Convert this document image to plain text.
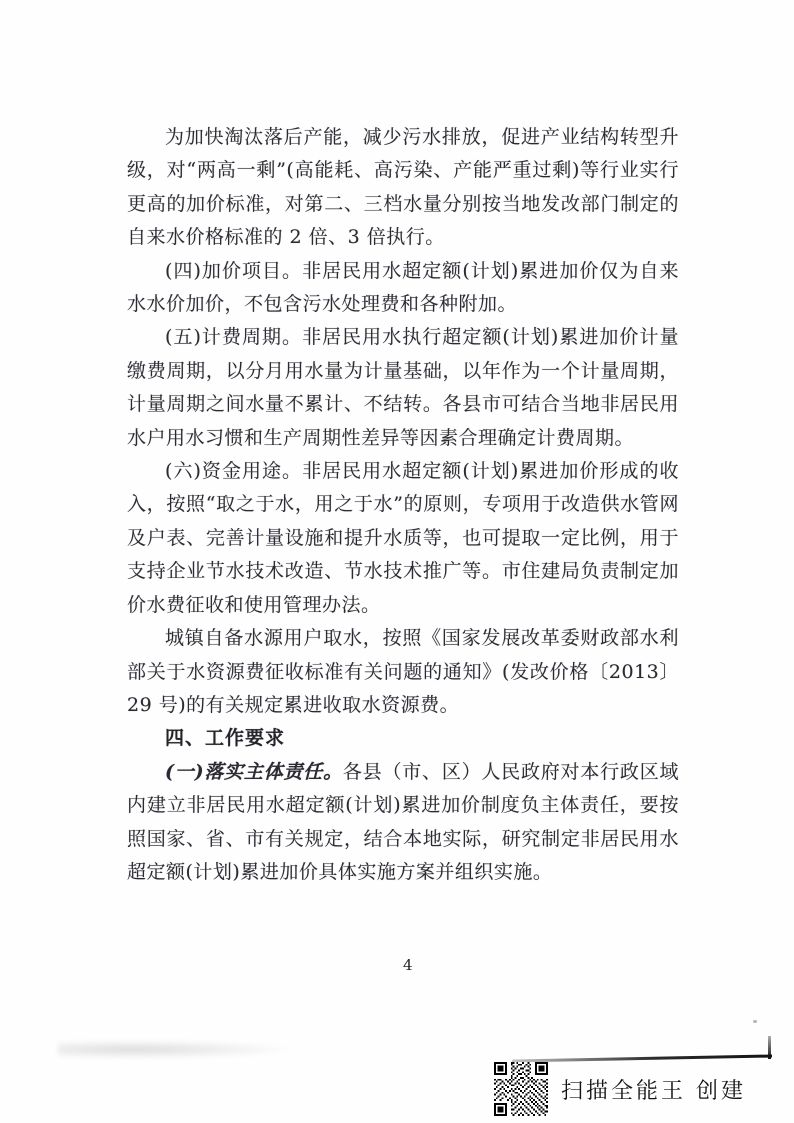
为加快淘汰落后产能，减少污水排放，促进产业结构转型升级，对“两高一剩”(高能耗、高污染、产能严重过剩)等行业实行更高的加价标准，对第二、三档水量分别按当地发改部门制定的自来水价格标准的 2 倍、3 倍执行。

(四)加价项目。非居民用水超定额(计划)累进加价仅为自来水水价加价，不包含污水处理费和各种附加。

(五)计费周期。非居民用水执行超定额(计划)累进加价计量缴费周期，以分月用水量为计量基础，以年作为一个计量周期，计量周期之间水量不累计、不结转。各县市可结合当地非居民用水户用水习惯和生产周期性差异等因素合理确定计费周期。

(六)资金用途。非居民用水超定额(计划)累进加价形成的收入，按照“取之于水，用之于水”的原则，专项用于改造供水管网及户表、完善计量设施和提升水质等，也可提取一定比例，用于支持企业节水技术改造、节水技术推广等。市住建局负责制定加价水费征收和使用管理办法。

城镇自备水源用户取水，按照《国家发展改革委财政部水利部关于水资源费征收标准有关问题的通知》(发改价格〔2013〕29 号)的有关规定累进收取水资源费。

四、工作要求

(一)落实主体责任。各县（市、区）人民政府对本行政区域内建立非居民用水超定额(计划)累进加价制度负主体责任，要按照国家、省、市有关规定，结合本地实际，研究制定非居民用水超定额(计划)累进加价具体实施方案并组织实施。

4
扫描全能王 创建
